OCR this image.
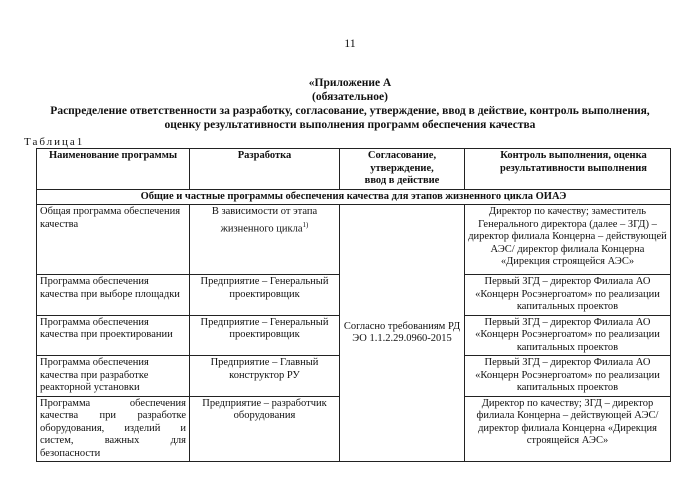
11
«Приложение А
(обязательное)
Распределение ответственности за разработку, согласование, утверждение, ввод в действие, контроль выполнения,
оценку результативности выполнения программ обеспечения качества
Таблица1
Наименование программы	Разработка	Согласование, утверждение, ввод в действие	Контроль выполнения, оценка результативности выполнения
Общие и частные программы обеспечения качества для этапов жизненного цикла ОИАЭ			
Общая программа обеспечения качества	В зависимости от этапа жизненного цикла$^{1)}$	Согласно требованиям РД ЭО 1.1.2.29.0960-2015	Директор по качеству; заместитель Генерального директора (далее – ЗГД) – директор филиала Концерна – действующей АЭС/ директор филиала Концерна «Дирекция строящейся АЭС»
Программа обеспечения качества при выборе площадки	Предприятие – Генеральный проектировщик		Первый ЗГД – директор Филиала АО «Концерн Росэнергоатом» по реализации капитальных проектов
Программа обеспечения качества при проектировании	Предприятие – Генеральный проектировщик		Первый ЗГД – директор Филиала АО «Концерн Росэнергоатом» по реализации капитальных проектов
Программа обеспечения качества при разработке реакторной установки	Предприятие – Главный конструктор РУ		Первый ЗГД – директор Филиала АО «Концерн Росэнергоатом» по реализации капитальных проектов
Программа обеспечения качества при разработке оборудования, изделий и систем, важных для безопасности	Предприятие – разработчик оборудования		Директор по качеству; ЗГД – директор филиала Концерна – действующей АЭС/ директор филиала Концерна «Дирекция строящейся АЭС»
